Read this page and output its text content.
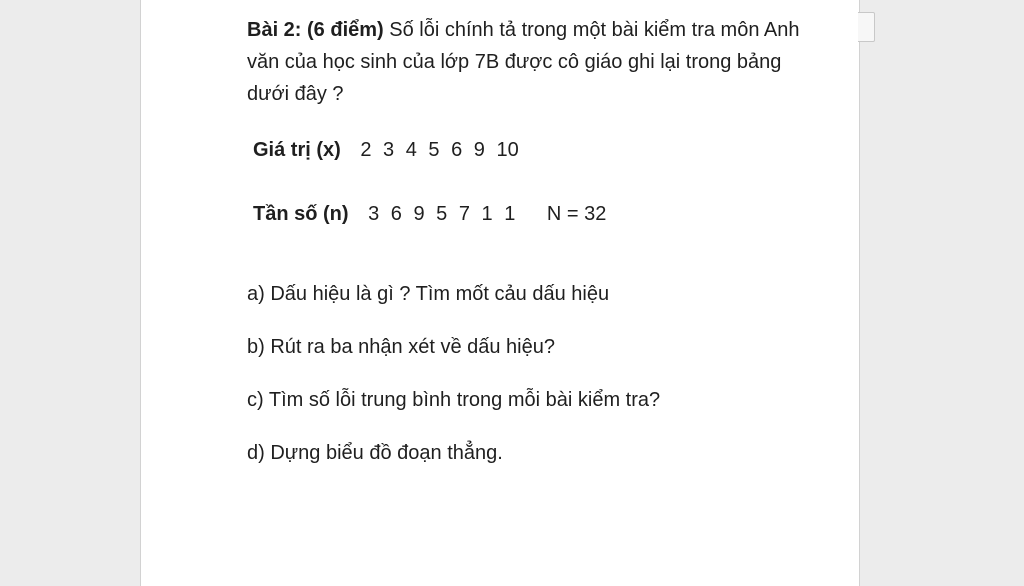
Bài 2: (6 điểm) Số lỗi chính tả trong một bài kiểm tra môn Anh văn của học sinh của lớp 7B được cô giáo ghi lại trong bảng dưới đây ?

Giá trị (x) 2 3 4 5 6 9 10
Tần số (n) 3 6 9 5 7 1 1 N = 32
a) Dấu hiệu là gì ? Tìm mốt cảu dấu hiệu
b) Rút ra ba nhận xét về dấu hiệu?
c) Tìm số lỗi trung bình trong mỗi bài kiểm tra?
d) Dựng biểu đồ đoạn thẳng.
